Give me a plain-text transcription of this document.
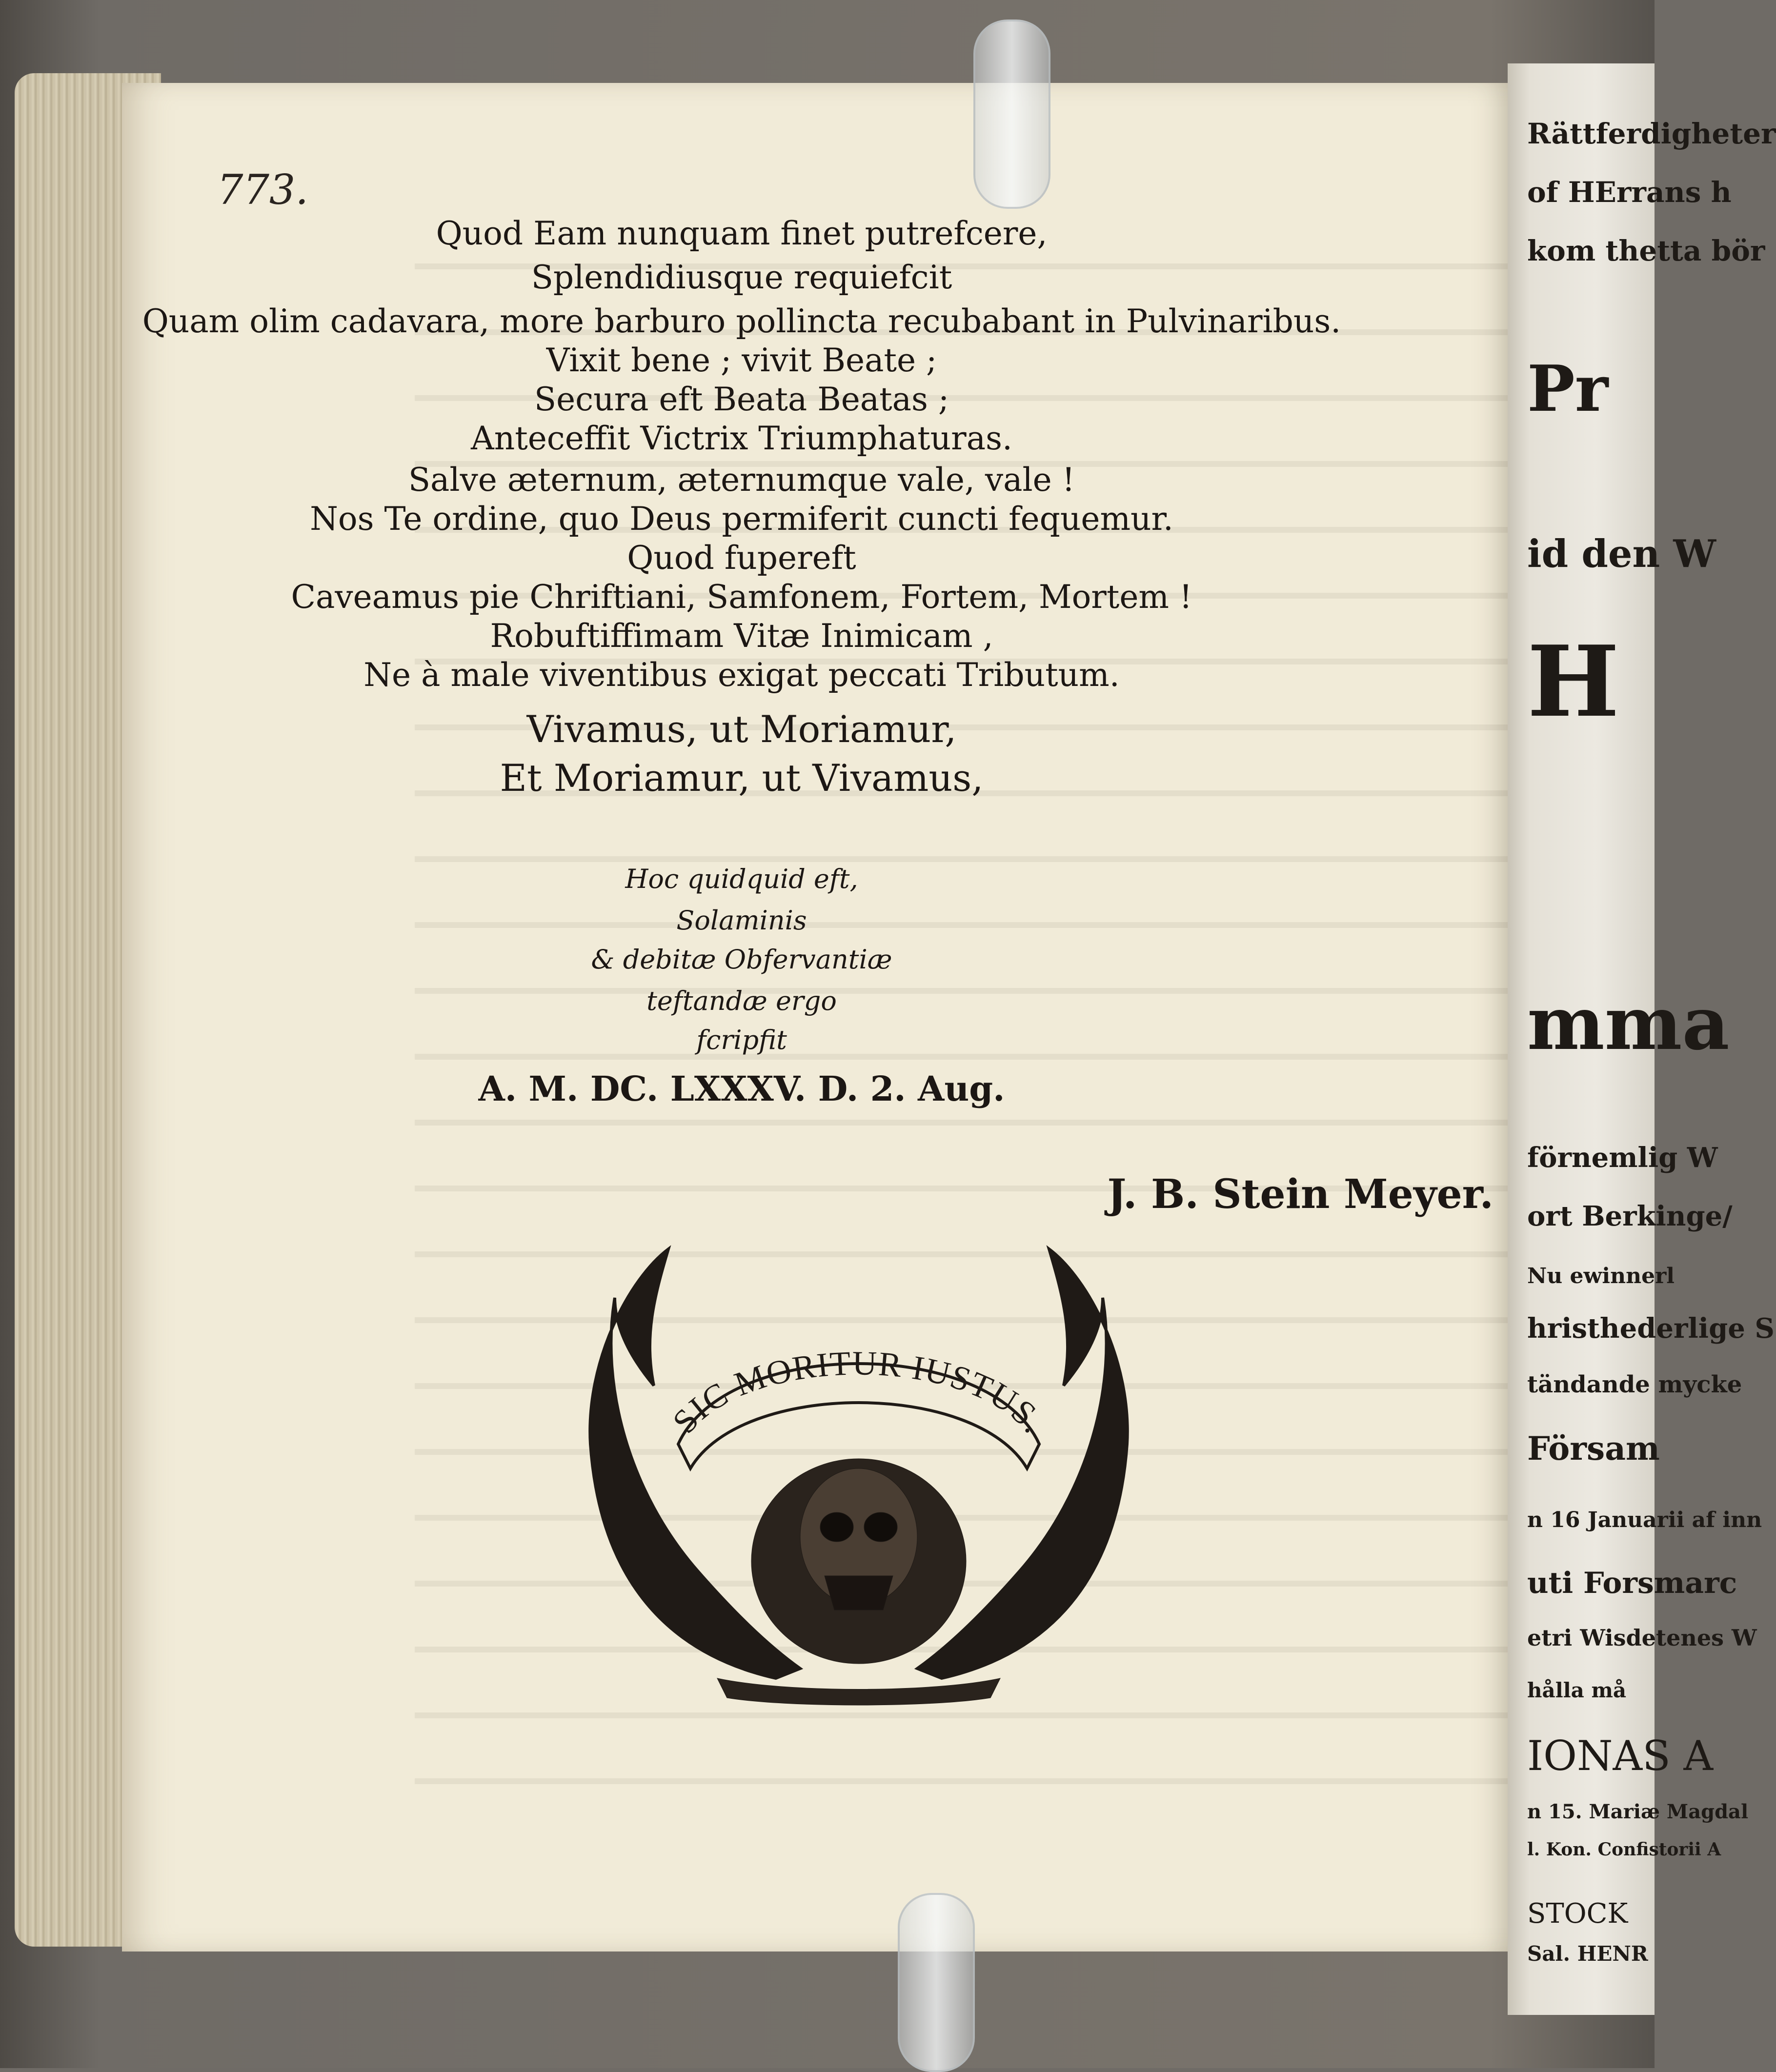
Rättferdigheter
of HErrans h
kom thetta bör
Pr
id den W
H
mma
förnemlig W
ort Berkinge/
Nu ewinnerl
hristhederlige S
tändande mycke
Försam
n 16 Januarii af inn
uti Forsmarc
etri Wisdetenes W
hålla må
IONAS A
n 15. Mariæ Magdal
l. Kon. Confistorii A
STOCK
Sal. HENR
773.
Quod Eam nunquam finet putrefcere,
Splendidiusque requiefcit
Quam olim cadavara, more barburo pollincta recubabant in Pulvinaribus.
Vixit bene ; vivit Beate ;
Secura eft Beata Beatas ;
Anteceffit Victrix Triumphaturas.
Salve æternum, æternumque vale, vale !
Nos Te ordine, quo Deus permiferit cuncti fequemur.
Quod fupereft
Caveamus pie Chriftiani, Samfonem, Fortem, Mortem !
Robuftiffimam Vitæ Inimicam ,
Ne à male viventibus exigat peccati Tributum.
Vivamus, ut Moriamur,
Et Moriamur, ut Vivamus,
Hoc quidquid eft,
Solaminis
& debitæ Obfervantiæ
teftandæ ergo
fcripfit
A. M. DC. LXXXV. D. 2. Aug.
J. B. Stein Meyer.
SIC MORITUR IUSTUS.
